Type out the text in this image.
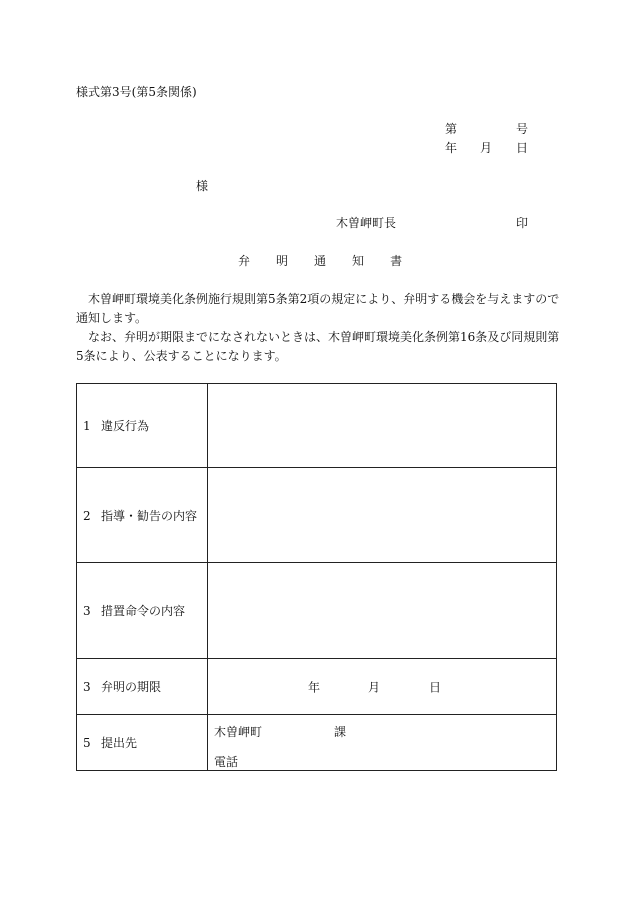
様式第3号(第5条関係)
第	号
年 月 日
様
木曽岬町長	印
弁 明 通 知 書
木曽岬町環境美化条例施行規則第5条第2項の規定により、弁明する機会を与えますので通知します。
なお、弁明が期限までになされないときは、木曽岬町環境美化条例第16条及び同規則第5条により、公表することになります。
1 違反行為	
2 指導・勧告の内容	
3 措置命令の内容	
3 弁明の期限	年 月 日

5 提出先	木曽岬町 課
電話
